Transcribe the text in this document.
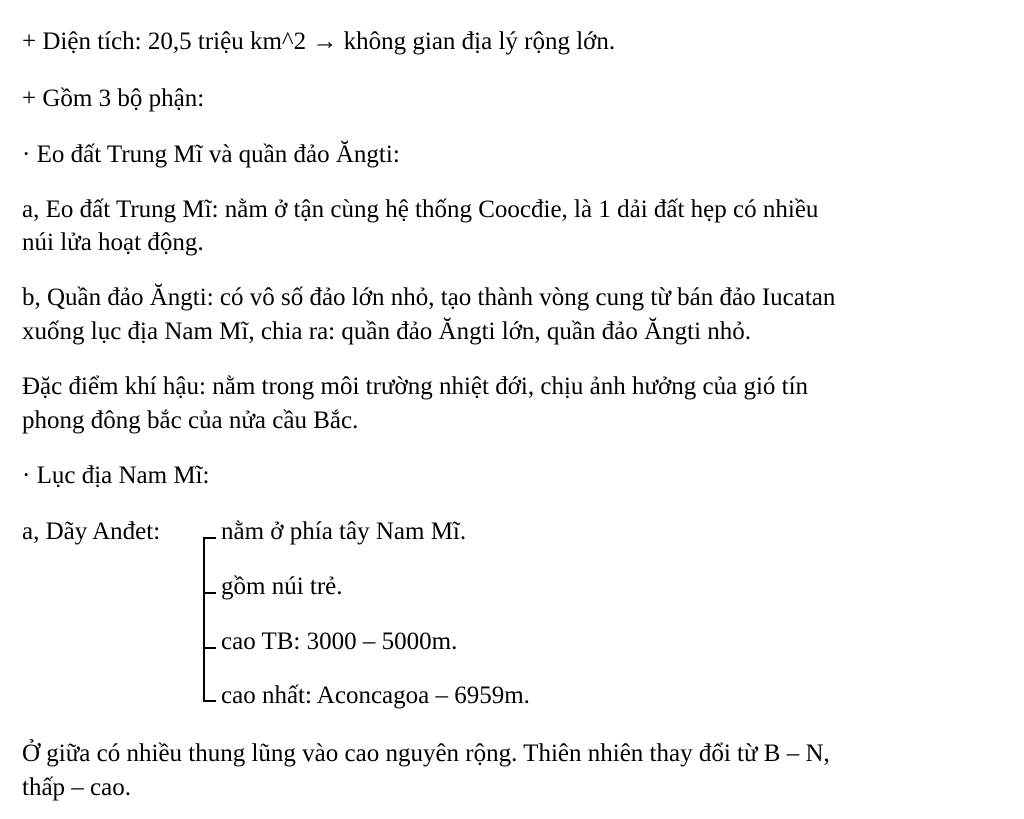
+ Diện tích: 20,5 triệu km^2 → không gian địa lý rộng lớn.
+ Gồm 3 bộ phận:
· Eo đất Trung Mĩ và quần đảo Ăngti:
a, Eo đất Trung Mĩ: nằm ở tận cùng hệ thống Coocđie, là 1 dải đất hẹp có nhiều
núi lửa hoạt động.
b, Quần đảo Ăngti: có vô số đảo lớn nhỏ, tạo thành vòng cung từ bán đảo Iucatan
xuống lục địa Nam Mĩ, chia ra: quần đảo Ăngti lớn, quần đảo Ăngti nhỏ.
Đặc điểm khí hậu: nằm trong môi trường nhiệt đới, chịu ảnh hưởng của gió tín
phong đông bắc của nửa cầu Bắc.
· Lục địa Nam Mĩ:
a, Dãy Anđet: nằm ở phía tây Nam Mĩ.
gồm núi trẻ.
cao TB: 3000 – 5000m.
cao nhất: Aconcagoa – 6959m.
Ở giữa có nhiều thung lũng vào cao nguyên rộng. Thiên nhiên thay đổi từ B – N,
thấp – cao.
